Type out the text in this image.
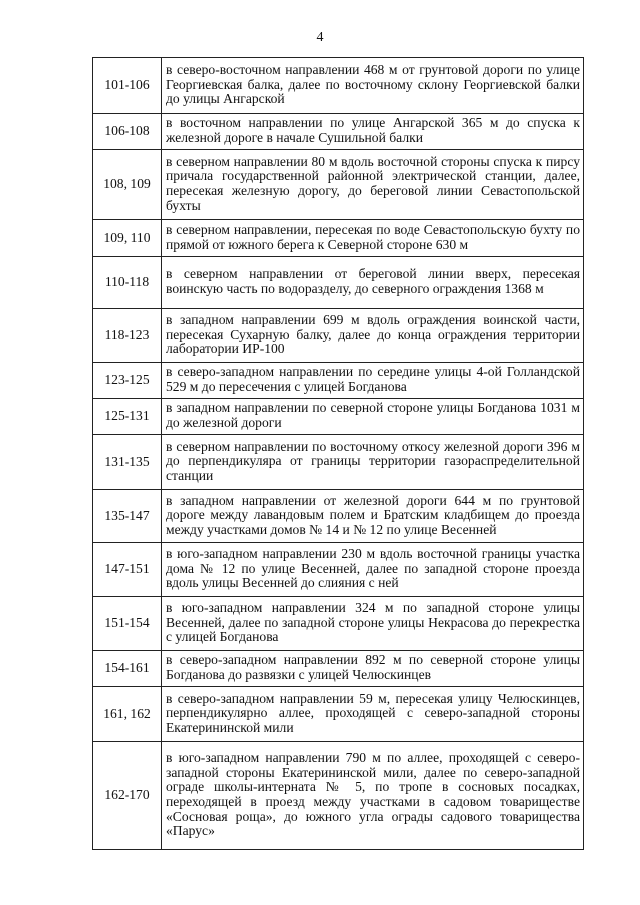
4
101-106	в северо-восточном направлении 468 м от грунтовой дороги по улице Георгиевская балка, далее по восточному склону Георгиевской балки до улицы Ангарской
106-108	в восточном направлении по улице Ангарской 365 м до спуска к железной дороге в начале Сушильной балки
108, 109	в северном направлении 80 м вдоль восточной стороны спуска к пирсу причала государственной районной электрической станции, далее, пересекая железную дорогу, до береговой линии Севастопольской бухты
109, 110	в северном направлении, пересекая по воде Севастопольскую бухту по прямой от южного берега к Северной стороне 630 м
110-118	в северном направлении от береговой линии вверх, пересекая воинскую часть по водоразделу, до северного ограждения 1368 м
118-123	в западном направлении 699 м вдоль ограждения воинской части, пересекая Сухарную балку, далее до конца ограждения территории лаборатории ИР-100
123-125	в северо-западном направлении по середине улицы 4-ой Голландской 529 м до пересечения с улицей Богданова
125-131	в западном направлении по северной стороне улицы Богданова 1031 м до железной дороги
131-135	в северном направлении по восточному откосу железной дороги 396 м до перпендикуляра от границы территории газораспределительной станции
135-147	в западном направлении от железной дороги 644 м по грунтовой дороге между лавандовым полем и Братским кладбищем до проезда между участками домов № 14 и № 12 по улице Весенней
147-151	в юго-западном направлении 230 м вдоль восточной границы участка дома № 12 по улице Весенней, далее по западной стороне проезда вдоль улицы Весенней до слияния с ней
151-154	в юго-западном направлении 324 м по западной стороне улицы Весенней, далее по западной стороне улицы Некрасова до перекрестка с улицей Богданова
154-161	в северо-западном направлении 892 м по северной стороне улицы Богданова до развязки с улицей Челюскинцев
161, 162	в северо-западном направлении 59 м, пересекая улицу Челюскинцев, перпендикулярно аллее, проходящей с северо-западной стороны Екатерининской мили
162-170	в юго-западном направлении 790 м по аллее, проходящей с северо-западной стороны Екатерининской мили, далее по северо-западной ограде школы-интерната № 5, по тропе в сосновых посадках, переходящей в проезд между участками в садовом товариществе «Сосновая роща», до южного угла ограды садового товарищества «Парус»
